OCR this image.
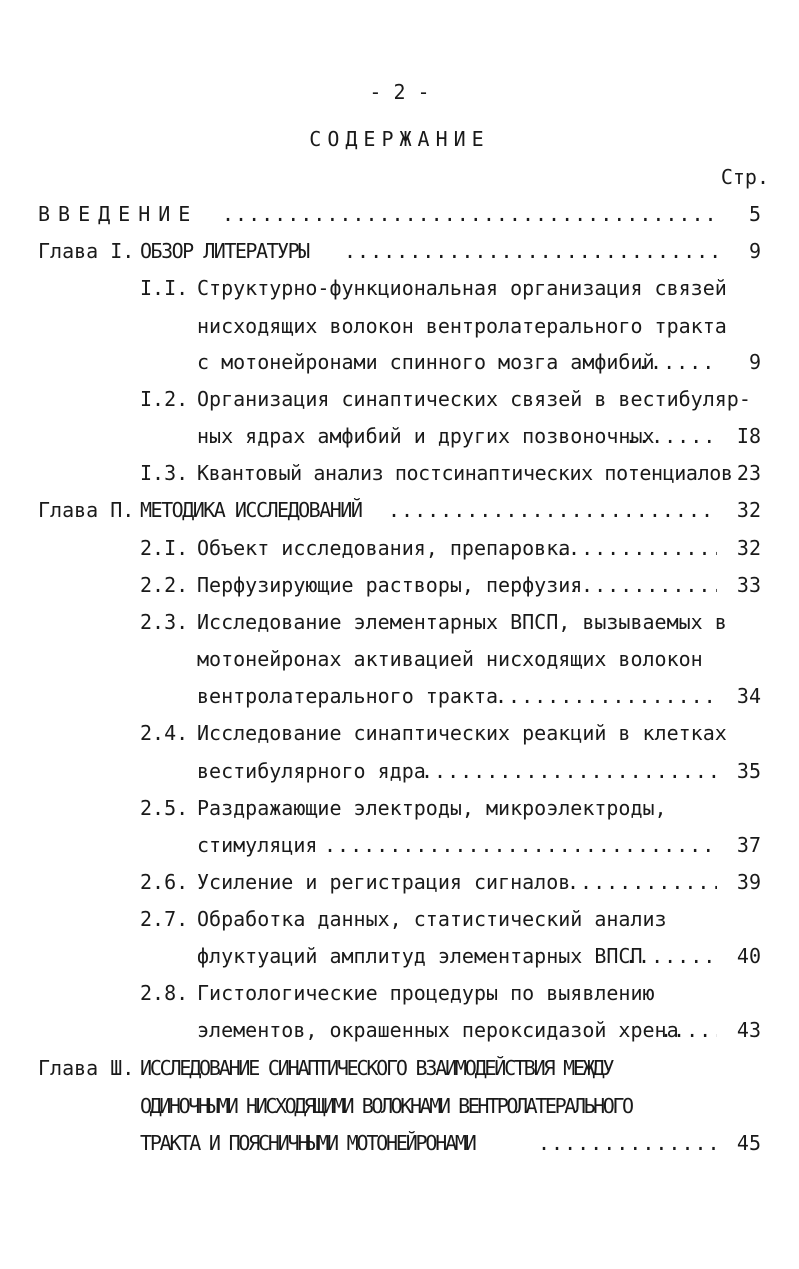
- 2 -
СОДЕРЖАНИЕ
Стр.
ВВЕДЕНИЕ .....	5
Глава I. ОБЗОР ЛИТЕРАТУРЫ .....	9
I.I. Структурно-функциональная организация связей
нисходящих волокон вентролатерального тракта
с мотонейронами спинного мозга амфибий .....	9
I.2. Организация синаптических связей в вестибуляр-
ных ядрах амфибий и других позвоночных .....	I8
I.3. Квантовый анализ постсинаптических потенциалов 23
Глава П. МЕТОДИКА ИССЛЕДОВАНИЙ .....	32
2.I. Объект исследования, препаровка .....	32
2.2. Перфузирующие растворы, перфузия .....	33
2.3. Исследование элементарных ВПСП, вызываемых в
мотонейронах активацией нисходящих волокон
вентролатерального тракта .....	34
2.4. Исследование синаптических реакций в клетках
вестибулярного ядра .....	35
2.5. Раздражающие электроды, микроэлектроды,
стимуляция .....	37
2.6. Усиление и регистрация сигналов .....	39
2.7. Обработка данных, статистический анализ
флуктуаций амплитуд элементарных ВПСП .....	40
2.8. Гистологические процедуры по выявлению
элементов, окрашенных пероксидазой хрена .....	43
Глава Ш. ИССЛЕДОВАНИЕ СИНАПТИЧЕСКОГО ВЗАИМОДЕЙСТВИЯ МЕЖДУ
ОДИНОЧНЫМИ НИСХОДЯЩИМИ ВОЛОКНАМИ ВЕНТРОЛАТЕРАЛЬНОГО
ТРАКТА И ПОЯСНИЧНЫМИ МОТОНЕЙРОНАМИ .....	45
